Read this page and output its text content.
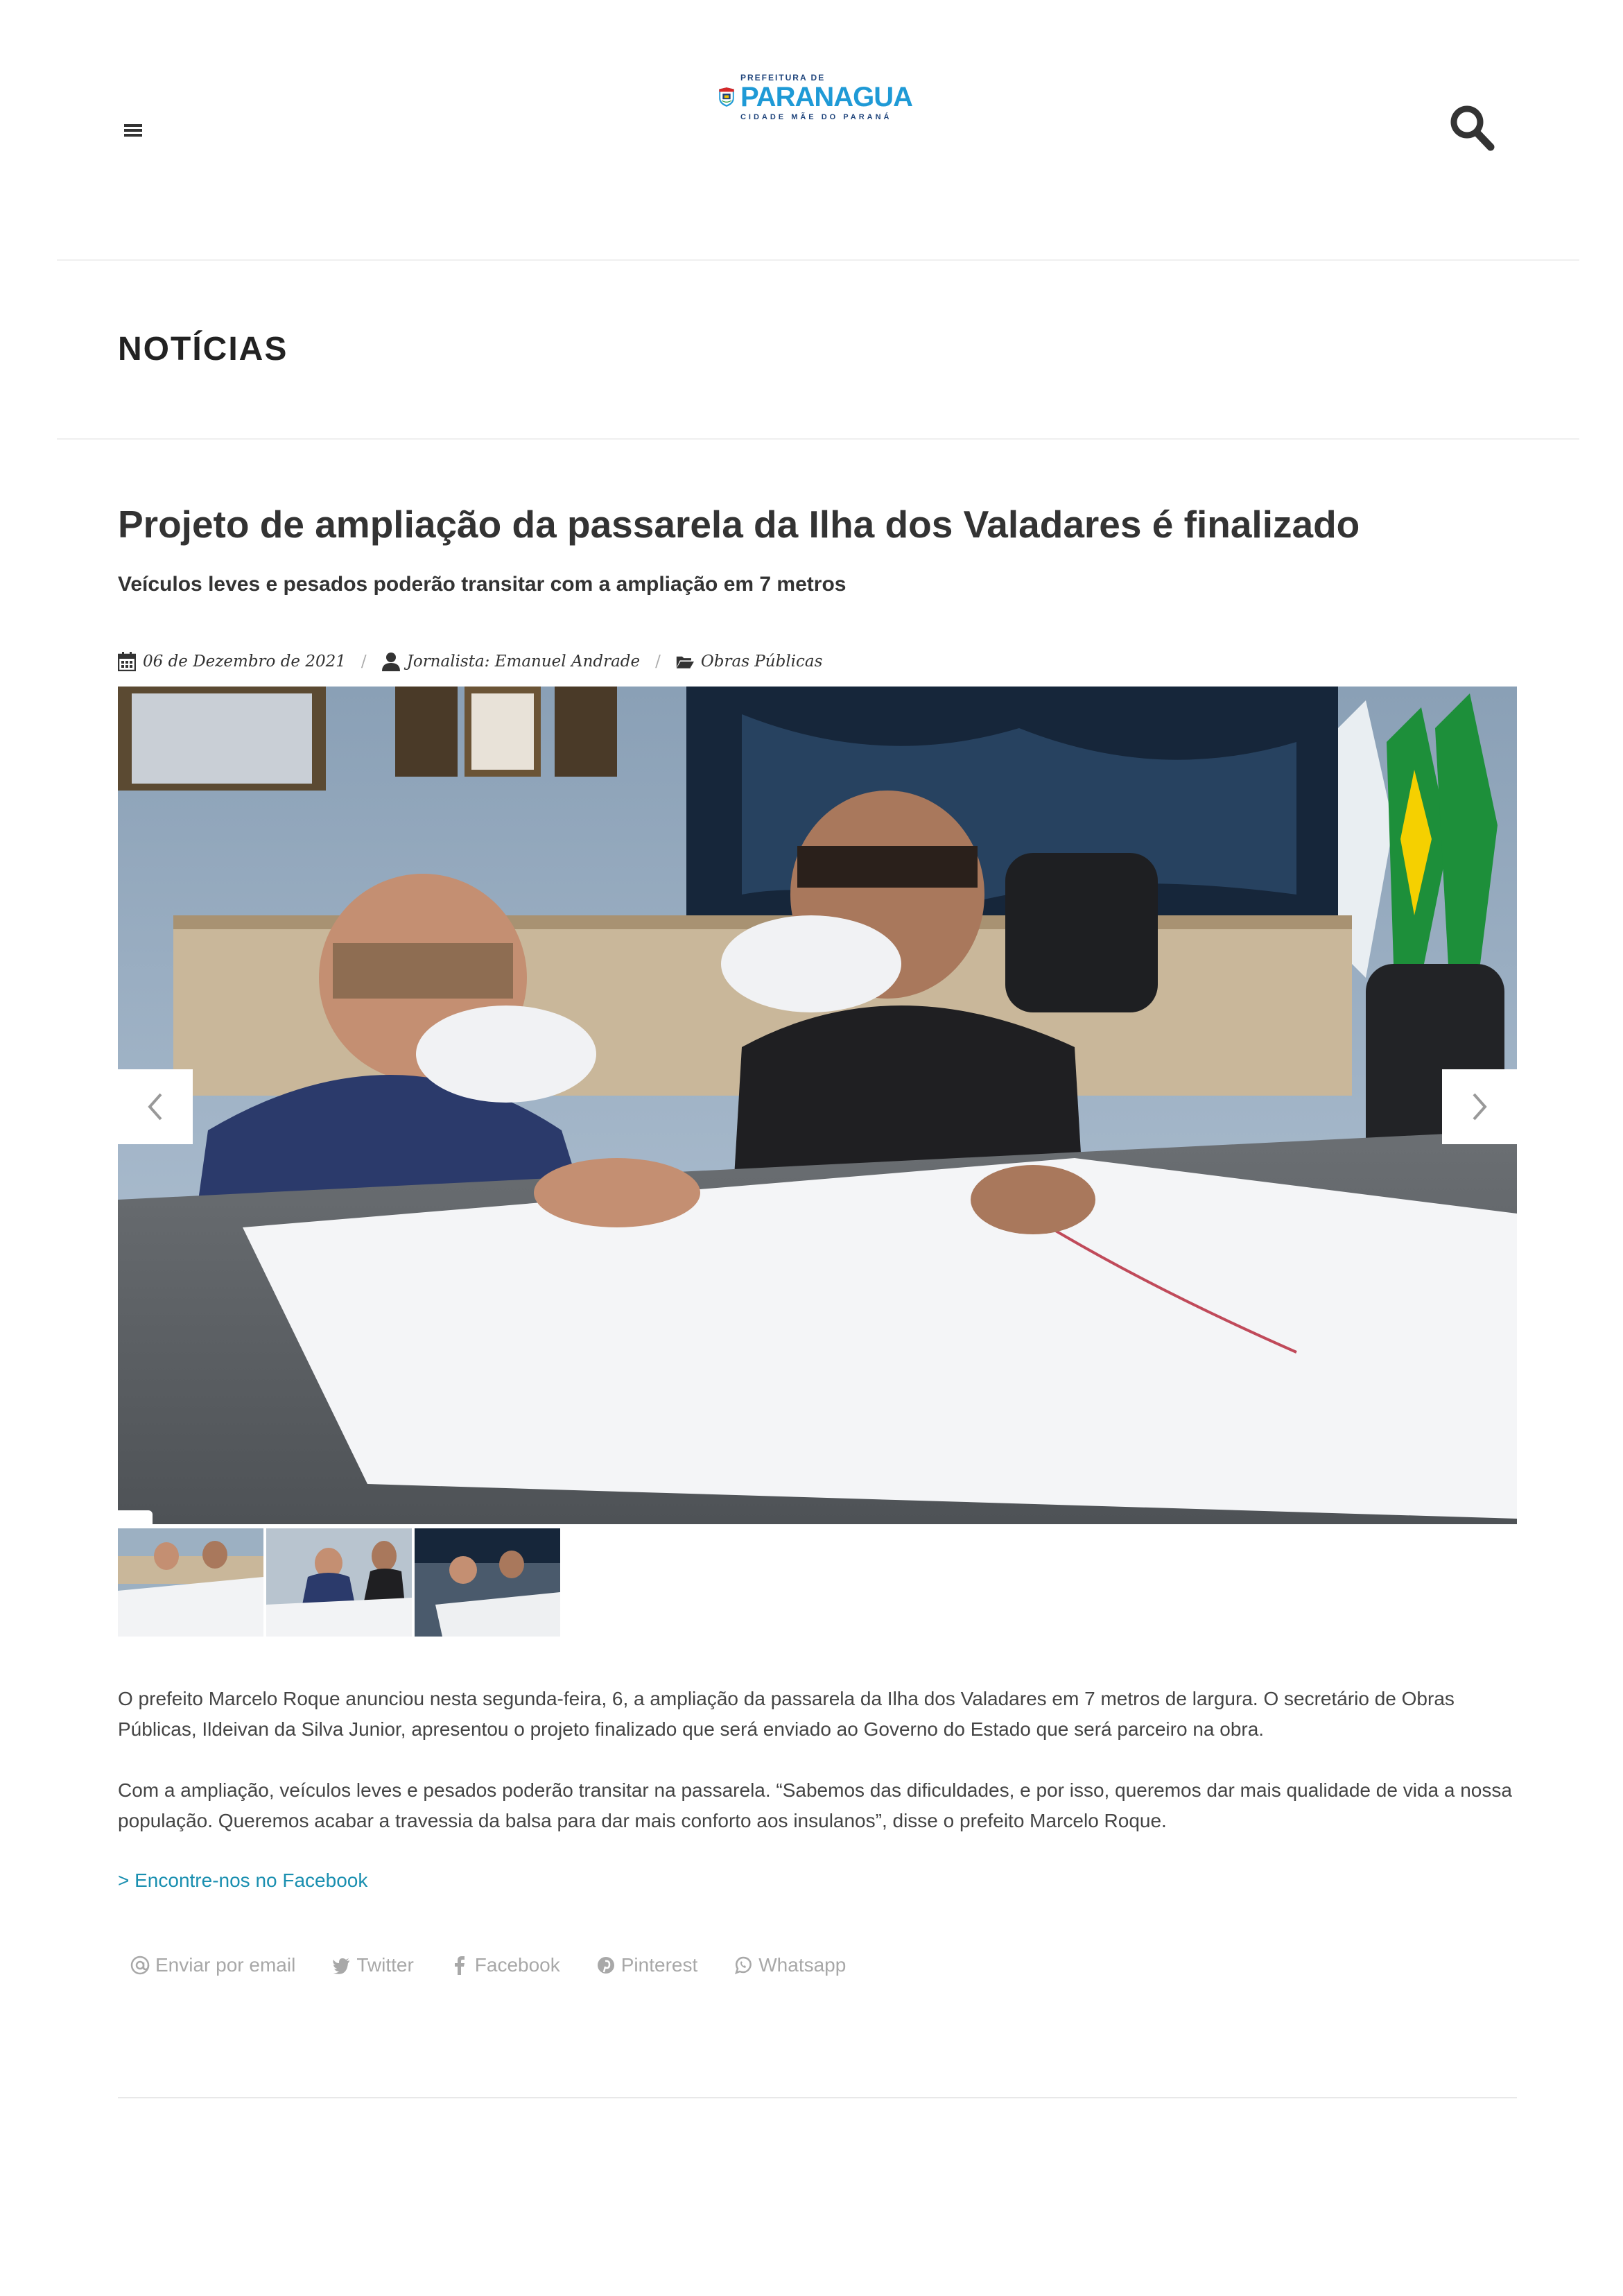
PREFEITURA DE
PARANAGUA
CIDADE MÃE DO PARANÁ
NOTÍCIAS
Projeto de ampliação da passarela da Ilha dos Valadares é finalizado
Veículos leves e pesados poderão transitar com a ampliação em 7 metros
06 de Dezembro de 2021 /	Jornalista: Emanuel Andrade /	Obras Públicas

O prefeito Marcelo Roque anunciou nesta segunda-feira, 6, a ampliação da passarela da Ilha dos Valadares em 7 metros de largura. O secretário de Obras Públicas, Ildeivan da Silva Junior, apresentou o projeto finalizado que será enviado ao Governo do Estado que será parceiro na obra.

Com a ampliação, veículos leves e pesados poderão transitar na passarela. “Sabemos das dificuldades, e por isso, queremos dar mais qualidade de vida a nossa população. Queremos acabar a travessia da balsa para dar mais conforto aos insulanos”, disse o prefeito Marcelo Roque.

> Encontre-nos no Facebook
Enviar por email	Twitter	Facebook	Pinterest	Whatsapp
